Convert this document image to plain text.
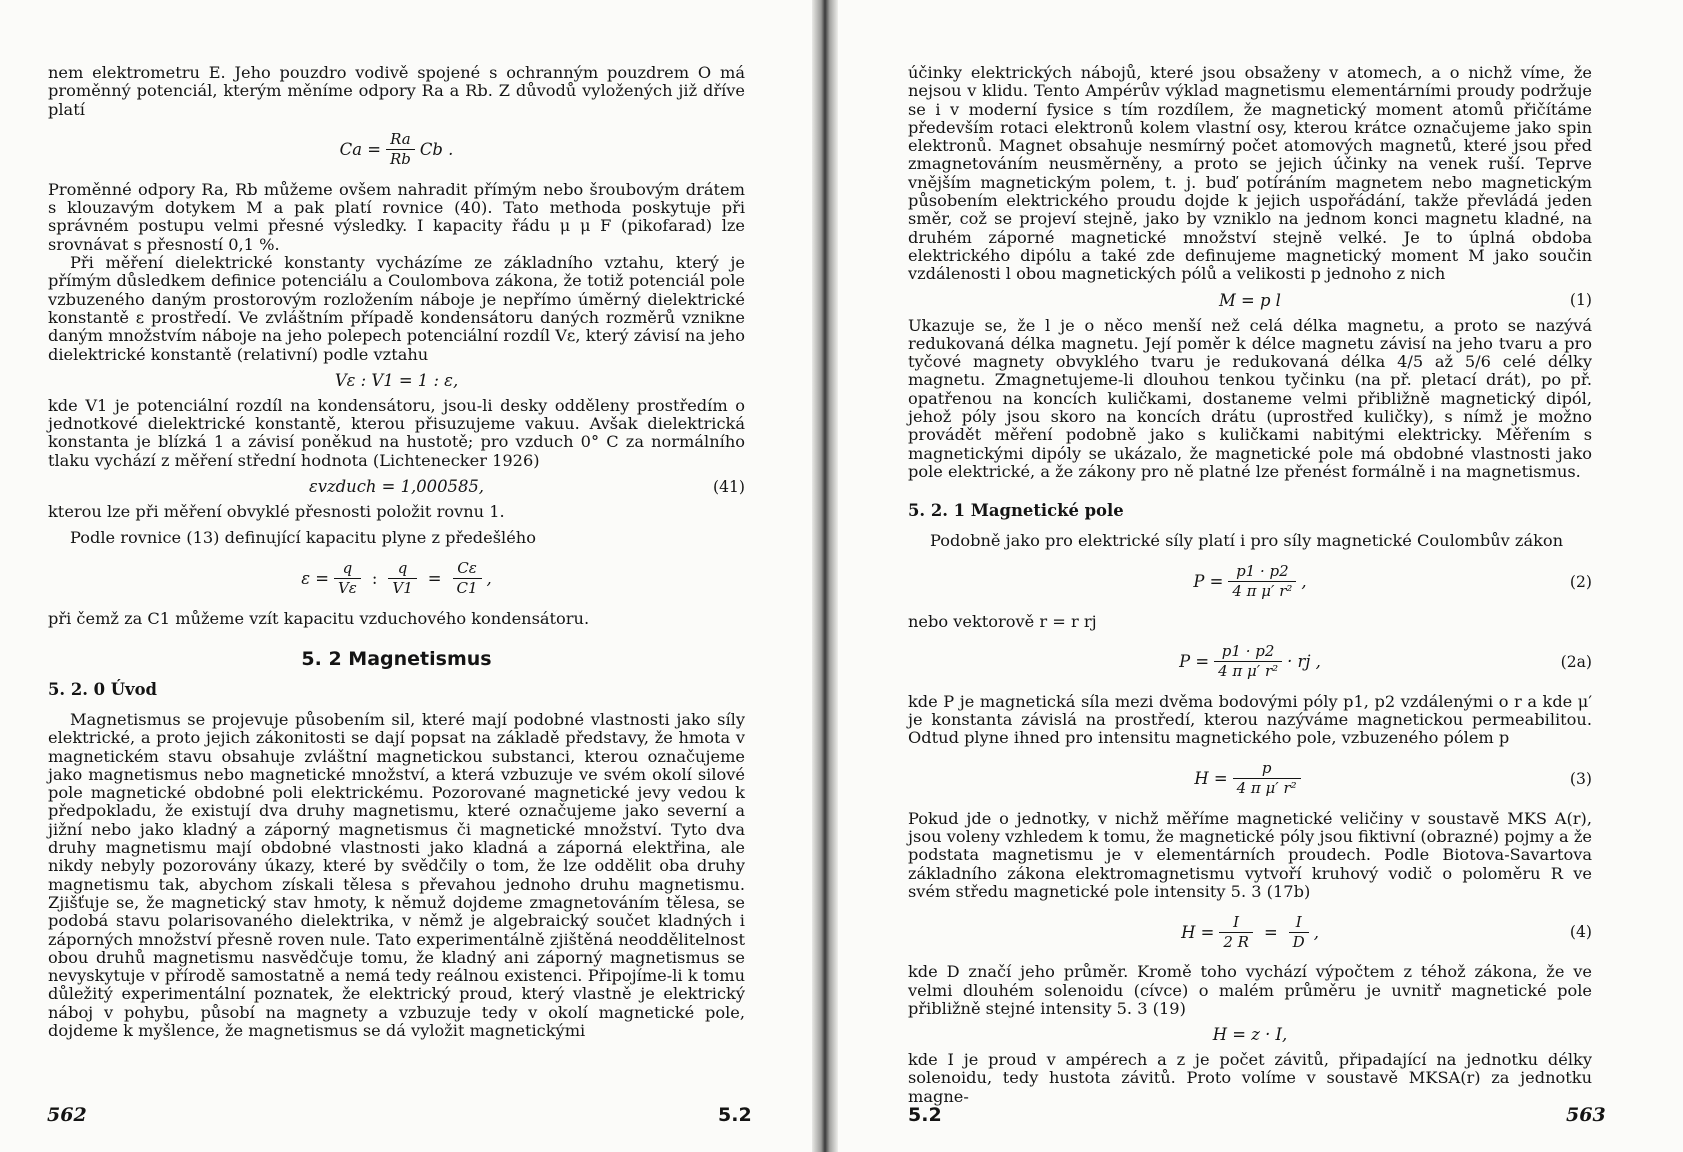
nem elektrometru E. Jeho pouzdro vodivě spojené s ochranným pouzdrem O má proměnný potenciál, kterým měníme odpory Ra a Rb. Z důvodů vyložených již dříve platí

$Ca = \frac{Ra}{Rb}$ Cb .

Proměnné odpory Ra, Rb můžeme ovšem nahradit přímým nebo šroubovým drátem s klouzavým dotykem M a pak platí rovnice (40). Tato methoda poskytuje při správném postupu velmi přesné výsledky. I kapacity řádu μ μ F (pikofarad) lze srovnávat s přesností 0,1 %.

Při měření dielektrické konstanty vycházíme ze základního vztahu, který je přímým důsledkem definice potenciálu a Coulombova zákona, že totiž potenciál pole vzbuzeného daným prostorovým rozložením náboje je nepřímo úměrný dielektrické konstantě ε prostředí. Ve zvláštním případě kondensátoru daných rozměrů vznikne daným množstvím náboje na jeho polepech potenciální rozdíl Vε, který závisí na jeho dielektrické konstantě (relativní) podle vztahu

Vε : V1 = 1 : ε,

kde V1 je potenciální rozdíl na kondensátoru, jsou-li desky odděleny prostředím o jednotkové dielektrické konstantě, kterou přisuzujeme vakuu. Avšak dielektrická konstanta je blízká 1 a závisí poněkud na hustotě; pro vzduch 0° C za normálního tlaku vychází z měření střední hodnota (Lichtenecker 1926)

εvzduch = 1,000585,	(41)

kterou lze při měření obvyklé přesnosti položit rovnu 1.

Podle rovnice (13) definující kapacitu plyne z předešlého

$\varepsilon = \frac{q}{V\varepsilon}$ : $\frac{q}{V1} = \frac{C\varepsilon}{C1}$ ,

při čemž za C1 můžeme vzít kapacitu vzduchového kondensátoru.

5. 2 Magnetismus
5. 2. 0 Úvod

Magnetismus se projevuje působením sil, které mají podobné vlastnosti jako síly elektrické, a proto jejich zákonitosti se dají popsat na základě představy, že hmota v magnetickém stavu obsahuje zvláštní magnetickou substanci, kterou označujeme jako magnetismus nebo magnetické množství, a která vzbuzuje ve svém okolí silové pole magnetické obdobné poli elektrickému. Pozorované magnetické jevy vedou k předpokladu, že existují dva druhy magnetismu, které označujeme jako severní a jižní nebo jako kladný a záporný magnetismus či magnetické množství. Tyto dva druhy magnetismu mají obdobné vlastnosti jako kladná a záporná elektřina, ale nikdy nebyly pozorovány úkazy, které by svědčily o tom, že lze oddělit oba druhy magnetismu tak, abychom získali tělesa s převahou jednoho druhu magnetismu. Zjišťuje se, že magnetický stav hmoty, k němuž dojdeme zmagnetováním tělesa, se podobá stavu polarisovaného dielektrika, v němž je algebraický součet kladných i záporných množství přesně roven nule. Tato experimentálně zjištěná neoddělitelnost obou druhů magnetismu nasvědčuje tomu, že kladný ani záporný magnetismus se nevyskytuje v přírodě samostatně a nemá tedy reálnou existenci. Připojíme-li k tomu důležitý experimentální poznatek, že elektrický proud, který vlastně je elektrický náboj v pohybu, působí na magnety a vzbuzuje tedy v okolí magnetické pole, dojdeme k myšlence, že magnetismus se dá vyložit magnetickými

562	5.2

účinky elektrických nábojů, které jsou obsaženy v atomech, a o nichž víme, že nejsou v klidu. Tento Ampérův výklad magnetismu elementárními proudy podržuje se i v moderní fysice s tím rozdílem, že magnetický moment atomů přičítáme především rotaci elektronů kolem vlastní osy, kterou krátce označujeme jako spin elektronů. Magnet obsahuje nesmírný počet atomových magnetů, které jsou před zmagnetováním neusměrněny, a proto se jejich účinky na venek ruší. Teprve vnějším magnetickým polem, t. j. buď potíráním magnetem nebo magnetickým působením elektrického proudu dojde k jejich uspořádání, takže převládá jeden směr, což se projeví stejně, jako by vzniklo na jednom konci magnetu kladné, na druhém záporné magnetické množství stejně velké. Je to úplná obdoba elektrického dipólu a také zde definujeme magnetický moment M jako součin vzdálenosti l obou magnetických pólů a velikosti p jednoho z nich

M = p l	(1)

Ukazuje se, že l je o něco menší než celá délka magnetu, a proto se nazývá redukovaná délka magnetu. Její poměr k délce magnetu závisí na jeho tvaru a pro tyčové magnety obvyklého tvaru je redukovaná délka 4/5 až 5/6 celé délky magnetu. Zmagnetujeme-li dlouhou tenkou tyčinku (na př. pletací drát), po př. opatřenou na koncích kuličkami, dostaneme velmi přibližně magnetický dipól, jehož póly jsou skoro na koncích drátu (uprostřed kuličky), s nímž je možno provádět měření podobně jako s kuličkami nabitými elektricky. Měřením s magnetickými dipóly se ukázalo, že magnetické pole má obdobné vlastnosti jako pole elektrické, a že zákony pro ně platné lze přenést formálně i na magnetismus.

5. 2. 1 Magnetické pole

Podobně jako pro elektrické síly platí i pro síly magnetické Coulombův zákon

$P = \frac{p1 \cdot p2}{\text{4 π μ′ r²}}$ ,	(2)

nebo vektorově r = r rj

$P = \frac{p1 \cdot p2}{\text{4 π μ′ r²}}$ · rj ,	(2a)

kde P je magnetická síla mezi dvěma bodovými póly p1, p2 vzdálenými o r a kde μ′ je konstanta závislá na prostředí, kterou nazýváme magnetickou permeabilitou. Odtud plyne ihned pro intensitu magnetického pole, vzbuzeného pólem p

$H = \frac{p}{\text{4 π μ′ r²}}$	(3)

Pokud jde o jednotky, v nichž měříme magnetické veličiny v soustavě MKS A(r), jsou voleny vzhledem k tomu, že magnetické póly jsou fiktivní (obrazné) pojmy a že podstata magnetismu je v elementárních proudech. Podle Biotova-Savartova základního zákona elektromagnetismu vytvoří kruhový vodič o poloměru R ve svém středu magnetické pole intensity 5. 3 (17b)

$H = \frac{I}{2 R} = \frac{I}{D}$ ,	(4)

kde D značí jeho průměr. Kromě toho vychází výpočtem z téhož zákona, že ve velmi dlouhém solenoidu (cívce) o malém průměru je uvnitř magnetické pole přibližně stejné intensity 5. 3 (19)

H = z · I,

kde I je proud v ampérech a z je počet závitů, připadající na jednotku délky solenoidu, tedy hustota závitů. Proto volíme v soustavě MKSA(r) za jednotku magne-

5.2	563
